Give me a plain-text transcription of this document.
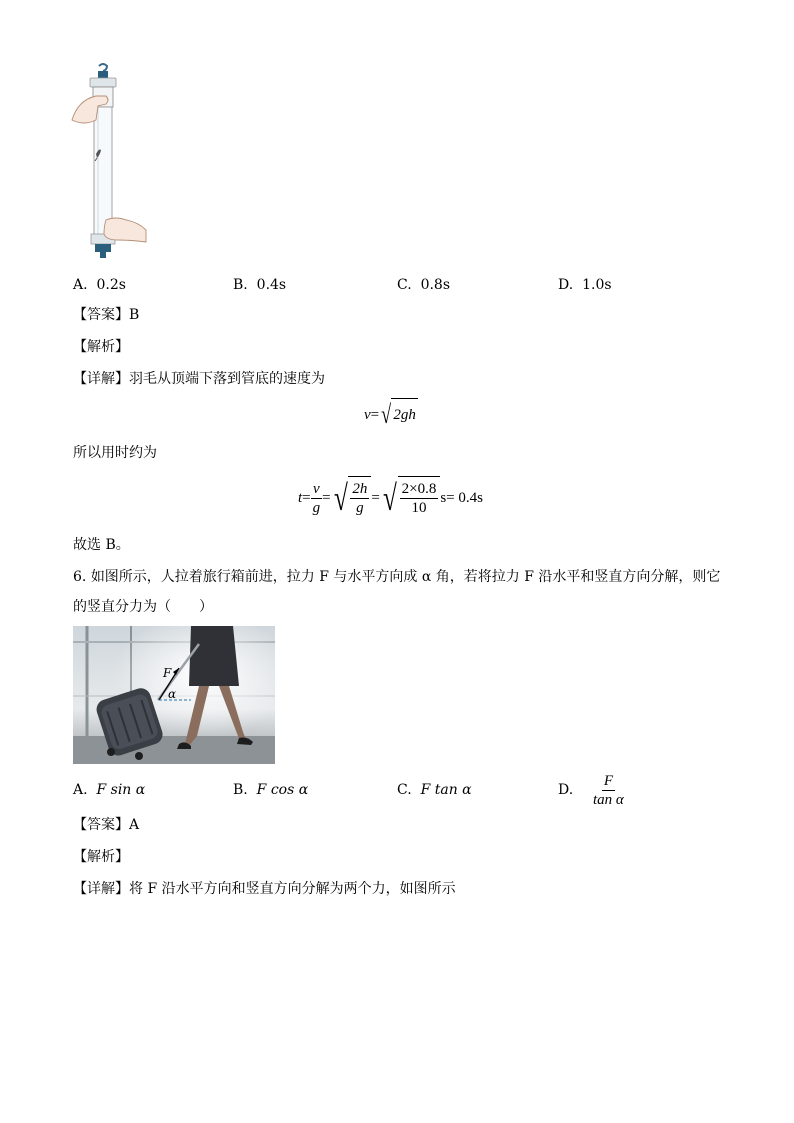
A. 0.2s	B. 0.4s	C. 0.8s	D. 1.0s
【答案】B
【解析】
【详解】羽毛从顶端下落到管底的速度为
v = √ 2gh
所以用时约为
$t = \frac{v}{g}$ = √ $\frac{2h}{g}$ = √ $\frac{2\times 0.8}{10}$ s = 0.4s
故选 B。
6. 如图所示，人拉着旅行箱前进，拉力 F 与水平方向成 α 角，若将拉力 F 沿水平和竖直方向分解，则它
的竖直分力为（　　）
F
α
A. F sin α	B. F cos α	C. F tan α	D.
$\frac{F}{\text{tan α}}$
【答案】A
【解析】
【详解】将 F 沿水平方向和竖直方向分解为两个力，如图所示
